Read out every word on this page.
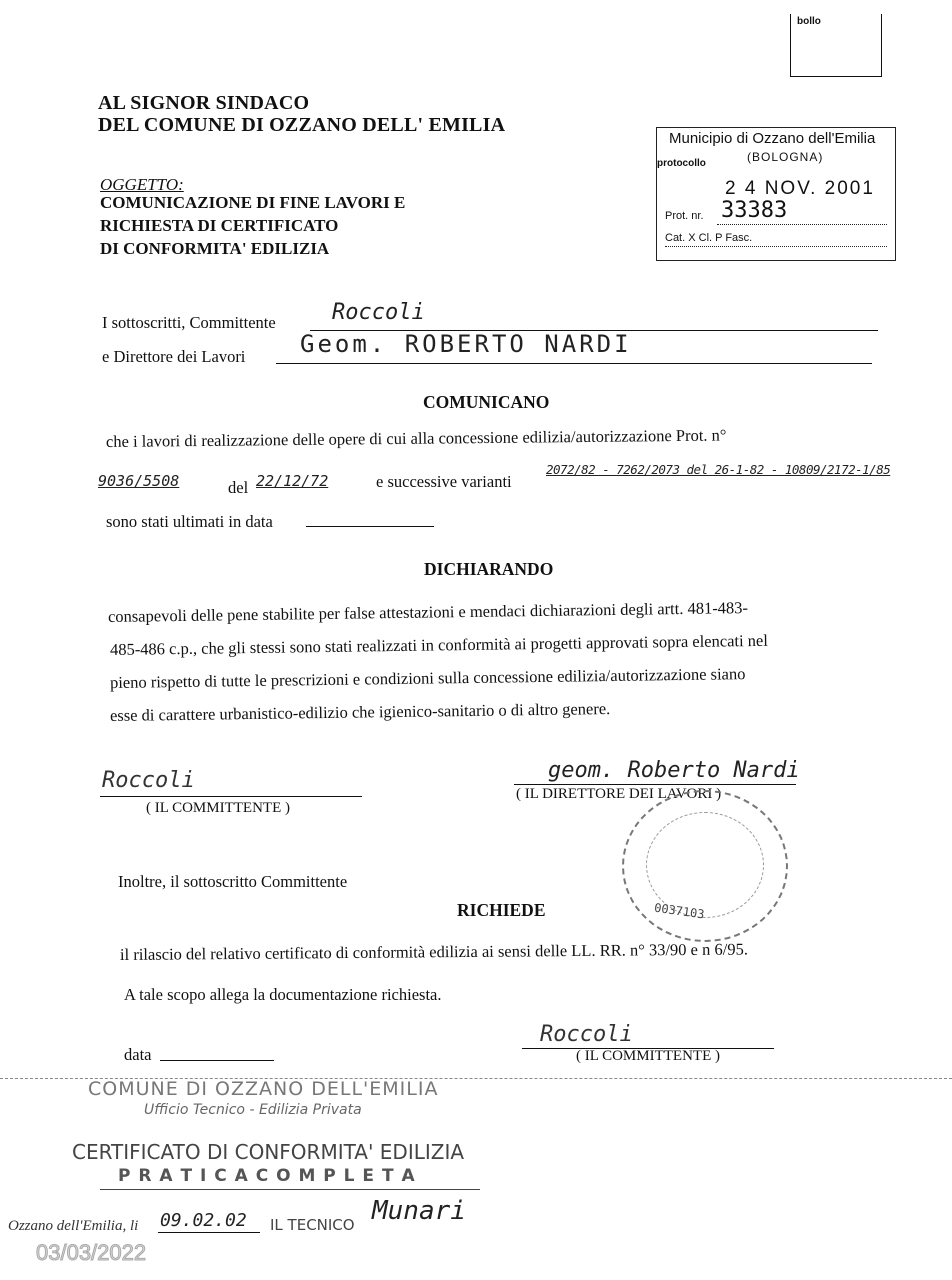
bollo
AL SIGNOR SINDACO
DEL COMUNE DI OZZANO DELL' EMILIA
Municipio di Ozzano dell'Emilia
(BOLOGNA)
protocollo
2 4 NOV. 2001
Prot. nr. 33383
Cat. X Cl. P Fasc.
OGGETTO:
COMUNICAZIONE DI FINE LAVORI E
RICHIESTA DI CERTIFICATO
DI CONFORMITA' EDILIZIA
I sottoscritti, Committente	Roccoli
e Direttore dei Lavori Geom. ROBERTO NARDI
COMUNICANO
che i lavori di realizzazione delle opere di cui alla concessione edilizia/autorizzazione Prot. n°
9036/5508	del 22/12/72	e successive varianti
2072/82 - 7262/2073 del 26-1-82 - 10809/2172-1/85
sono stati ultimati in data
DICHIARANDO
consapevoli delle pene stabilite per false attestazioni e mendaci dichiarazioni degli artt. 481-483-
485-486 c.p., che gli stessi sono stati realizzati in conformità ai progetti approvati sopra elencati nel
pieno rispetto di tutte le prescrizioni e condizioni sulla concessione edilizia/autorizzazione siano
esse di carattere urbanistico-edilizio che igienico-sanitario o di altro genere.
Roccoli
( IL COMMITTENTE )
geom. Roberto Nardi
( IL DIRETTORE DEI LAVORI )
0037103
Inoltre, il sottoscritto Committente
RICHIEDE
il rilascio del relativo certificato di conformità edilizia ai sensi delle LL. RR. n° 33/90 e n 6/95.
A tale scopo allega la documentazione richiesta.
data
Roccoli
( IL COMMITTENTE )
COMUNE DI OZZANO DELL'EMILIA
Ufficio Tecnico - Edilizia Privata
CERTIFICATO DI CONFORMITA' EDILIZIA
P R A T I C A C O M P L E T A
Ozzano dell'Emilia, li 09.02.02 IL TECNICO Munari
03/03/2022
